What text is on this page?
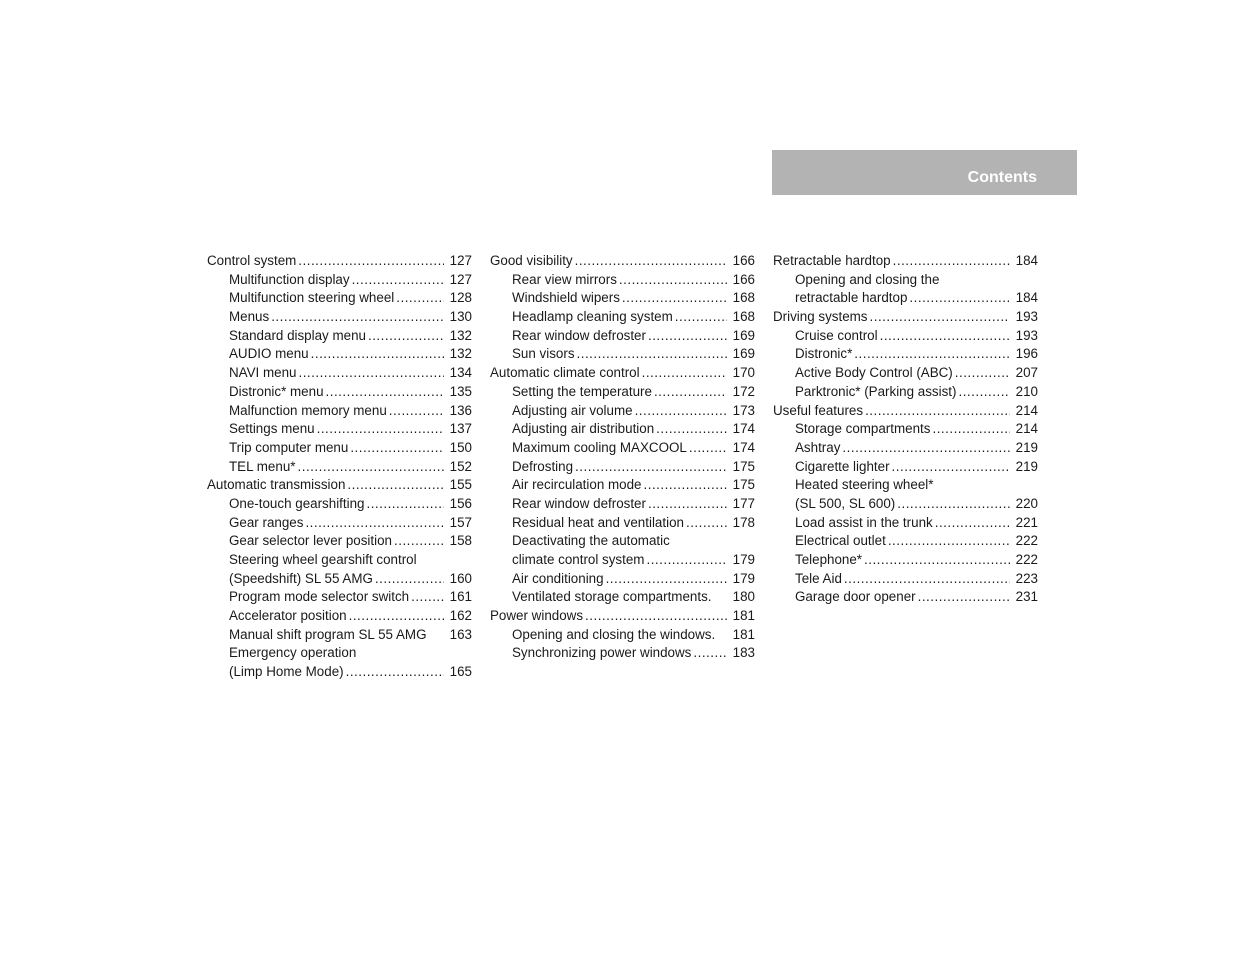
Contents
Control system .....	127
Multifunction display .....	127
Multifunction steering wheel .....	128
Menus .....	130
Standard display menu .....	132
AUDIO menu .....	132
NAVI menu .....	134
Distronic* menu .....	135
Malfunction memory menu .....	136
Settings menu .....	137
Trip computer menu .....	150
TEL menu* .....	152
Automatic transmission .....	155
One-touch gearshifting .....	156
Gear ranges .....	157
Gear selector lever position .....	158
Steering wheel gearshift control
(Speedshift) SL 55 AMG .....	160
Program mode selector switch .....	161
Accelerator position .....	162
Manual shift program SL 55 AMG 163
Emergency operation
(Limp Home Mode) .....	165
Good visibility .....	166
Rear view mirrors .....	166
Windshield wipers .....	168
Headlamp cleaning system .....	168
Rear window defroster .....	169
Sun visors .....	169
Automatic climate control .....	170
Setting the temperature .....	172
Adjusting air volume .....	173
Adjusting air distribution .....	174
Maximum cooling MAXCOOL .....	174
Defrosting .....	175
Air recirculation mode .....	175
Rear window defroster .....	177
Residual heat and ventilation .....	178
Deactivating the automatic
climate control system .....	179
Air conditioning .....	179
Ventilated storage compartments. 180
Power windows .....	181
Opening and closing the windows. 181
Synchronizing power windows .....	183
Retractable hardtop .....	184
Opening and closing the
retractable hardtop .....	184
Driving systems .....	193
Cruise control .....	193
Distronic* .....	196
Active Body Control (ABC) .....	207
Parktronic* (Parking assist) .....	210
Useful features .....	214
Storage compartments .....	214
Ashtray .....	219
Cigarette lighter .....	219
Heated steering wheel*
(SL 500, SL 600) .....	220
Load assist in the trunk .....	221
Electrical outlet .....	222
Telephone* .....	222
Tele Aid .....	223
Garage door opener .....	231
